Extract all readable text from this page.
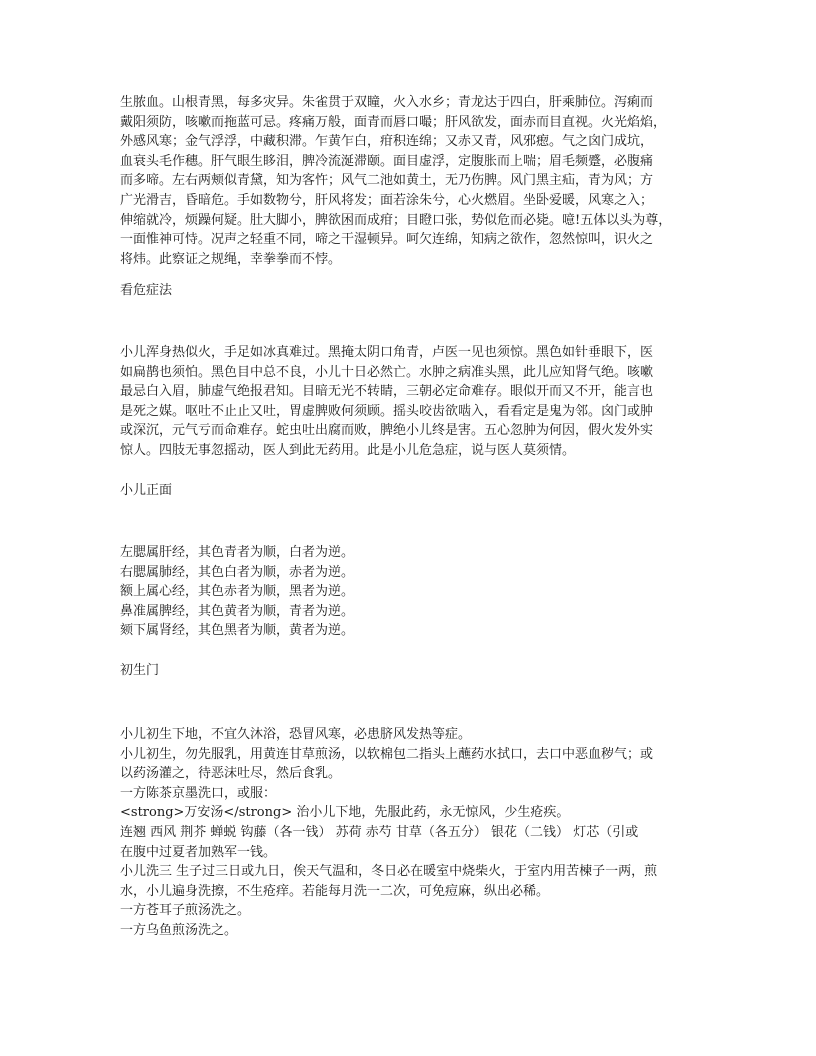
生脓血。山根青黑，每多灾异。朱雀贯于双瞳，火入水乡；青龙达于四白，肝乘肺位。泻痢而
戴阳须防，咳嗽而拖蓝可忌。疼痛万般，面青而唇口嘬；肝风欲发，面赤而目直视。火光焰焰，
外感风寒；金气浮浮，中藏积滞。乍黄乍白，疳积连绵；又赤又青，风邪瘛。气之囟门成坑，
血衰头毛作穗。肝气眼生眵泪，脾冷流涎滞颐。面目虚浮，定腹胀而上喘；眉毛频蹙，必腹痛
而多啼。左右两颊似青黛，知为客忤；风气二池如黄土，无乃伤脾。风门黑主疝，青为风；方
广光滑吉，昏暗危。手如数物兮，肝风将发；面若涂朱兮，心火燃眉。坐卧爱暖，风寒之入；
伸缩就冷，烦躁何疑。肚大脚小，脾欲困而成疳；目瞪口张，势似危而必毙。噫!五体以头为尊，
一面惟神可恃。况声之轻重不同，啼之干湿顿异。呵欠连绵，知病之欲作，忽然惊叫，识火之
将炜。此察证之规绳，幸拳拳而不悖。
看危症法
小儿浑身热似火，手足如冰真难过。黑掩太阴口角青，卢医一见也须惊。黑色如针垂眼下，医
如扁鹊也须怕。黑色目中总不良，小儿十日必然亡。水肿之病准头黑，此儿应知肾气绝。咳嗽
最忌白入眉，肺虚气绝报君知。目暗无光不转睛，三朝必定命难存。眼似开而又不开，能言也
是死之媒。呕吐不止止又吐，胃虚脾败何须顾。摇头咬齿欲啮入，看看定是鬼为邻。囟门或肿
或深沉，元气亏而命难存。蛇虫吐出腐而败，脾绝小儿终是害。五心忽肿为何因，假火发外实
惊人。四肢无事忽摇动，医人到此无药用。此是小儿危急症，说与医人莫须情。
小儿正面
左腮属肝经，其色青者为顺，白者为逆。
右腮属肺经，其色白者为顺，赤者为逆。
额上属心经，其色赤者为顺，黑者为逆。
鼻准属脾经，其色黄者为顺，青者为逆。
颏下属肾经，其色黑者为顺，黄者为逆。
初生门
小儿初生下地，不宜久沐浴，恐冒风寒，必患脐风发热等症。
小儿初生，勿先服乳，用黄连甘草煎汤，以软棉包二指头上蘸药水拭口，去口中恶血秽气；或
以药汤灌之，待恶沫吐尽，然后食乳。
一方陈茶京墨洗口，或服：
<strong>万安汤</strong> 治小儿下地，先服此药，永无惊风，少生疮疾。
连翘 西风 荆芥 蝉蜕 钩藤（各一钱） 苏荷 赤芍 甘草（各五分） 银花（二钱） 灯芯（引或
在腹中过夏者加熟军一钱。
小儿洗三 生子过三日或九日，俟天气温和，冬日必在暖室中烧柴火，于室内用苦楝子一两，煎
水，小儿遍身洗擦，不生疮痒。若能每月洗一二次，可免痘麻，纵出必稀。
一方苍耳子煎汤洗之。
一方乌鱼煎汤洗之。
